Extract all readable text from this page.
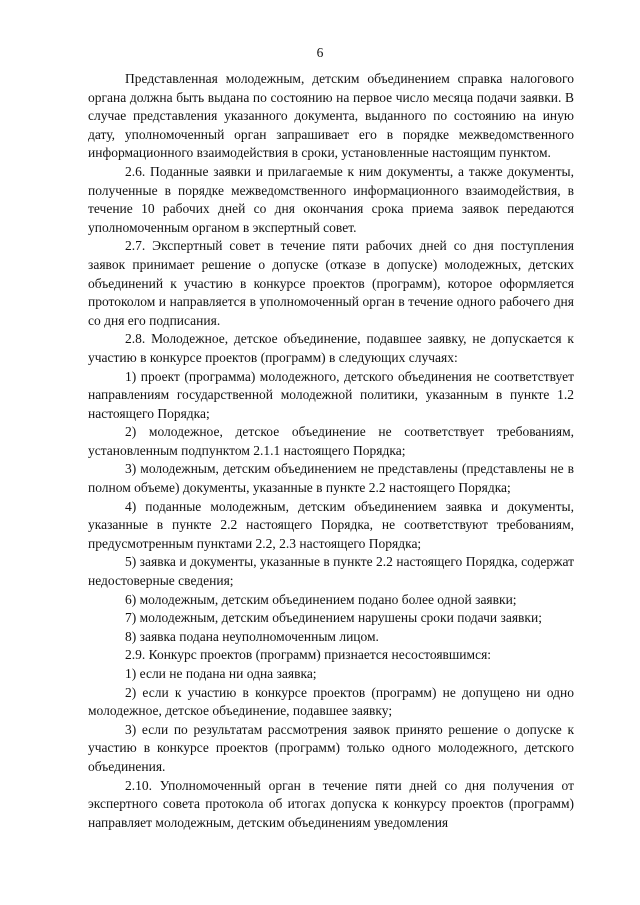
6

Представленная молодежным, детским объединением справка налогового органа должна быть выдана по состоянию на первое число месяца подачи заявки. В случае представления указанного документа, выданного по состоянию на иную дату, уполномоченный орган запрашивает его в порядке межведомственного информационного взаимодействия в сроки, установленные настоящим пунктом.

2.6. Поданные заявки и прилагаемые к ним документы, а также документы, полученные в порядке межведомственного информационного взаимодействия, в течение 10 рабочих дней со дня окончания срока приема заявок передаются уполномоченным органом в экспертный совет.

2.7. Экспертный совет в течение пяти рабочих дней со дня поступления заявок принимает решение о допуске (отказе в допуске) молодежных, детских объединений к участию в конкурсе проектов (программ), которое оформляется протоколом и направляется в уполномоченный орган в течение одного рабочего дня со дня его подписания.

2.8. Молодежное, детское объединение, подавшее заявку, не допускается к участию в конкурсе проектов (программ) в следующих случаях:

1) проект (программа) молодежного, детского объединения не соответствует направлениям государственной молодежной политики, указанным в пункте 1.2 настоящего Порядка;

2) молодежное, детское объединение не соответствует требованиям, установленным подпунктом 2.1.1 настоящего Порядка;

3) молодежным, детским объединением не представлены (представлены не в полном объеме) документы, указанные в пункте 2.2 настоящего Порядка;

4) поданные молодежным, детским объединением заявка и документы, указанные в пункте 2.2 настоящего Порядка, не соответствуют требованиям, предусмотренным пунктами 2.2, 2.3 настоящего Порядка;

5) заявка и документы, указанные в пункте 2.2 настоящего Порядка, содержат недостоверные сведения;

6) молодежным, детским объединением подано более одной заявки;

7) молодежным, детским объединением нарушены сроки подачи заявки;

8) заявка подана неуполномоченным лицом.

2.9. Конкурс проектов (программ) признается несостоявшимся:

1) если не подана ни одна заявка;

2) если к участию в конкурсе проектов (программ) не допущено ни одно молодежное, детское объединение, подавшее заявку;

3) если по результатам рассмотрения заявок принято решение о допуске к участию в конкурсе проектов (программ) только одного молодежного, детского объединения.

2.10. Уполномоченный орган в течение пяти дней со дня получения от экспертного совета протокола об итогах допуска к конкурсу проектов (программ) направляет молодежным, детским объединениям уведомления
